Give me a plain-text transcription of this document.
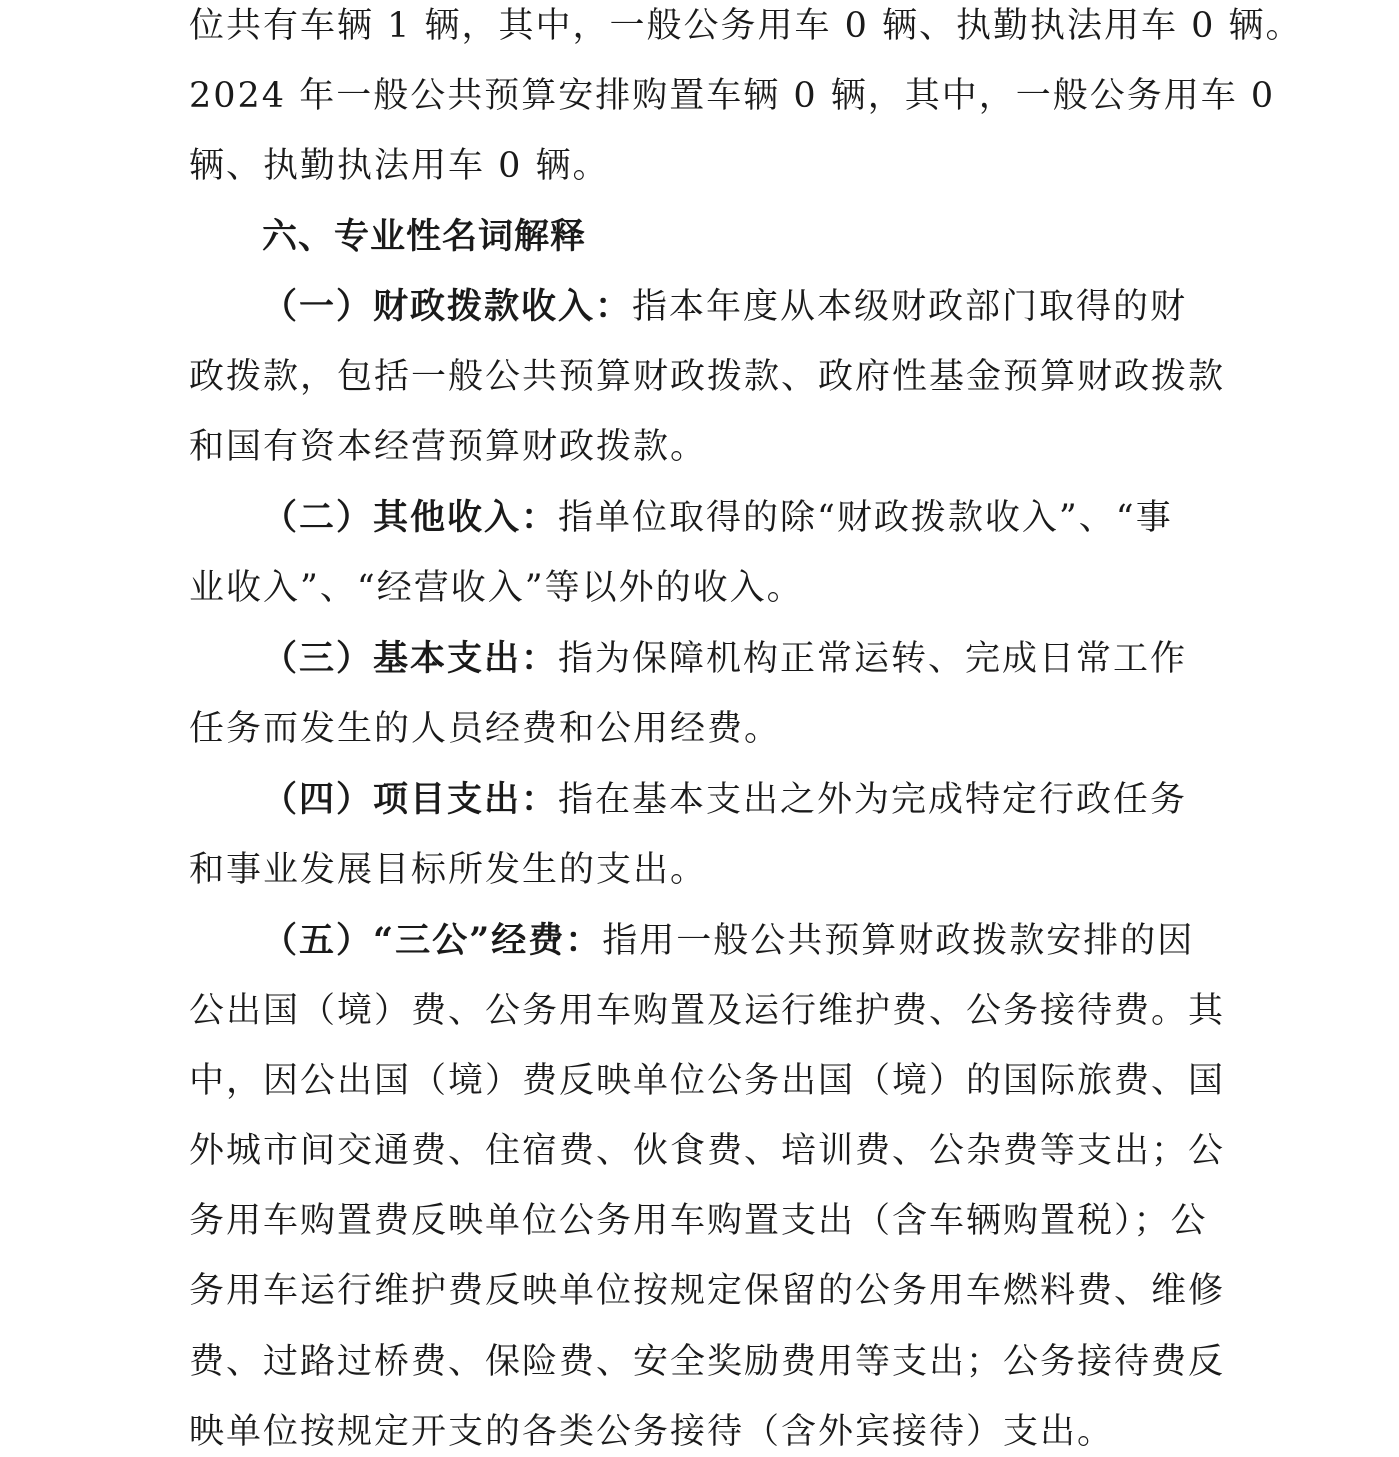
位共有车辆 1 辆，其中，一般公务用车 0 辆、执勤执法用车 0 辆。
2024 年一般公共预算安排购置车辆 0 辆，其中，一般公务用车 0
辆、执勤执法用车 0 辆。
六、专业性名词解释
（一）财政拨款收入：指本年度从本级财政部门取得的财
政拨款，包括一般公共预算财政拨款、政府性基金预算财政拨款
和国有资本经营预算财政拨款。
（二）其他收入：指单位取得的除“财政拨款收入”、“事
业收入”、“经营收入”等以外的收入。
（三）基本支出：指为保障机构正常运转、完成日常工作
任务而发生的人员经费和公用经费。
（四）项目支出：指在基本支出之外为完成特定行政任务
和事业发展目标所发生的支出。
（五）“三公”经费：指用一般公共预算财政拨款安排的因
公出国（境）费、公务用车购置及运行维护费、公务接待费。其
中，因公出国（境）费反映单位公务出国（境）的国际旅费、国
外城市间交通费、住宿费、伙食费、培训费、公杂费等支出；公
务用车购置费反映单位公务用车购置支出（含车辆购置税）；公
务用车运行维护费反映单位按规定保留的公务用车燃料费、维修
费、过路过桥费、保险费、安全奖励费用等支出；公务接待费反
映单位按规定开支的各类公务接待（含外宾接待）支出。
